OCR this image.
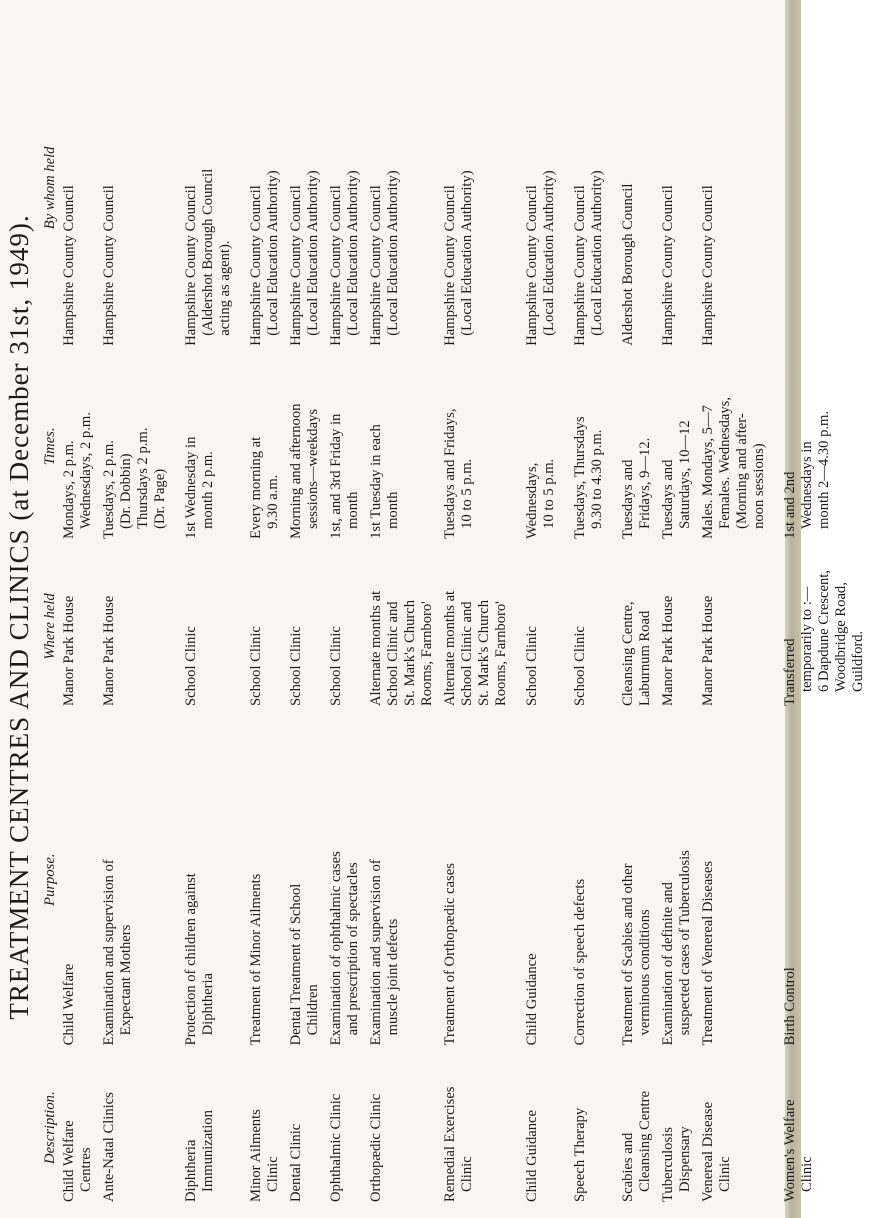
TREATMENT CENTRES AND CLINICS (at December 31st, 1949).
Description.	Purpose.	Where held	Times.	By whom held

Child Welfare Centres	Child Welfare	Manor Park House	Mondays, 2 p.m. Wednesdays, 2 p.m.	Hampshire County Council

Ante-Natal Clinics	Examination and supervision of Expectant Mothers	Manor Park House	Tuesdays, 2 p.m. (Dr. Dobbin) Thursdays 2 p.m. (Dr. Page)	Hampshire County Council

Diphtheria Immunization	Protection of children against Diphtheria	School Clinic	1st Wednesday in month 2 p.m.	Hampshire County Council (Aldershot Borough Council acting as agent).

Minor Ailments Clinic	Treatment of Minor Ailments	School Clinic	Every morning at 9.30 a.m.	Hampshire County Council (Local Education Authority)

Dental Clinic	Dental Treatment of School Children	School Clinic	Morning and afternoon sessions—weekdays	Hampshire County Council (Local Education Authority)

Ophthalmic Clinic	Examination of ophthalmic cases and prescription of spectacles	School Clinic	1st, and 3rd Friday in month	Hampshire County Council (Local Education Authority)

Orthopædic Clinic	Examination and supervision of muscle joint defects	Alternate months at School Clinic and St. Mark's Church Rooms, Farnboro'	1st Tuesday in each month	Hampshire County Council (Local Education Authority)

Remedial Exercises Clinic	Treatment of Orthopædic cases	Alternate months at School Clinic and St. Mark's Church Rooms, Farnboro'	Tuesdays and Fridays, 10 to 5 p.m.	Hampshire County Council (Local Education Authority)

Child Guidance	Child Guidance	School Clinic	Wednesdays, 10 to 5 p.m.	Hampshire County Council (Local Education Authority)

Speech Therapy	Correction of speech defects	School Clinic	Tuesdays, Thursdays 9.30 to 4.30 p.m.	Hampshire County Council (Local Education Authority)

Scabies and Cleansing Centre	Treatment of Scabies and other verminous conditions	Cleansing Centre, Laburnum Road	Tuesdays and Fridays, 9—12.	Aldershot Borough Council

Tuberculosis Dispensary	Examination of definite and suspected cases of Tuberculosis	Manor Park House	Tuesdays and Saturdays, 10—12	Hampshire County Council

Venereal Disease Clinic	Treatment of Venereal Diseases	Manor Park House	Males. Mondays, 5—7 Females. Wednesdays, (Morning and after- noon sessions)	Hampshire County Council

Women's Welfare Clinic	Birth Control	Transferred temporarily to :— 6 Dapdune Crescent, Woodbridge Road, Guildford.	1st and 2nd Wednesdays in month 2—4.30 p.m.	
